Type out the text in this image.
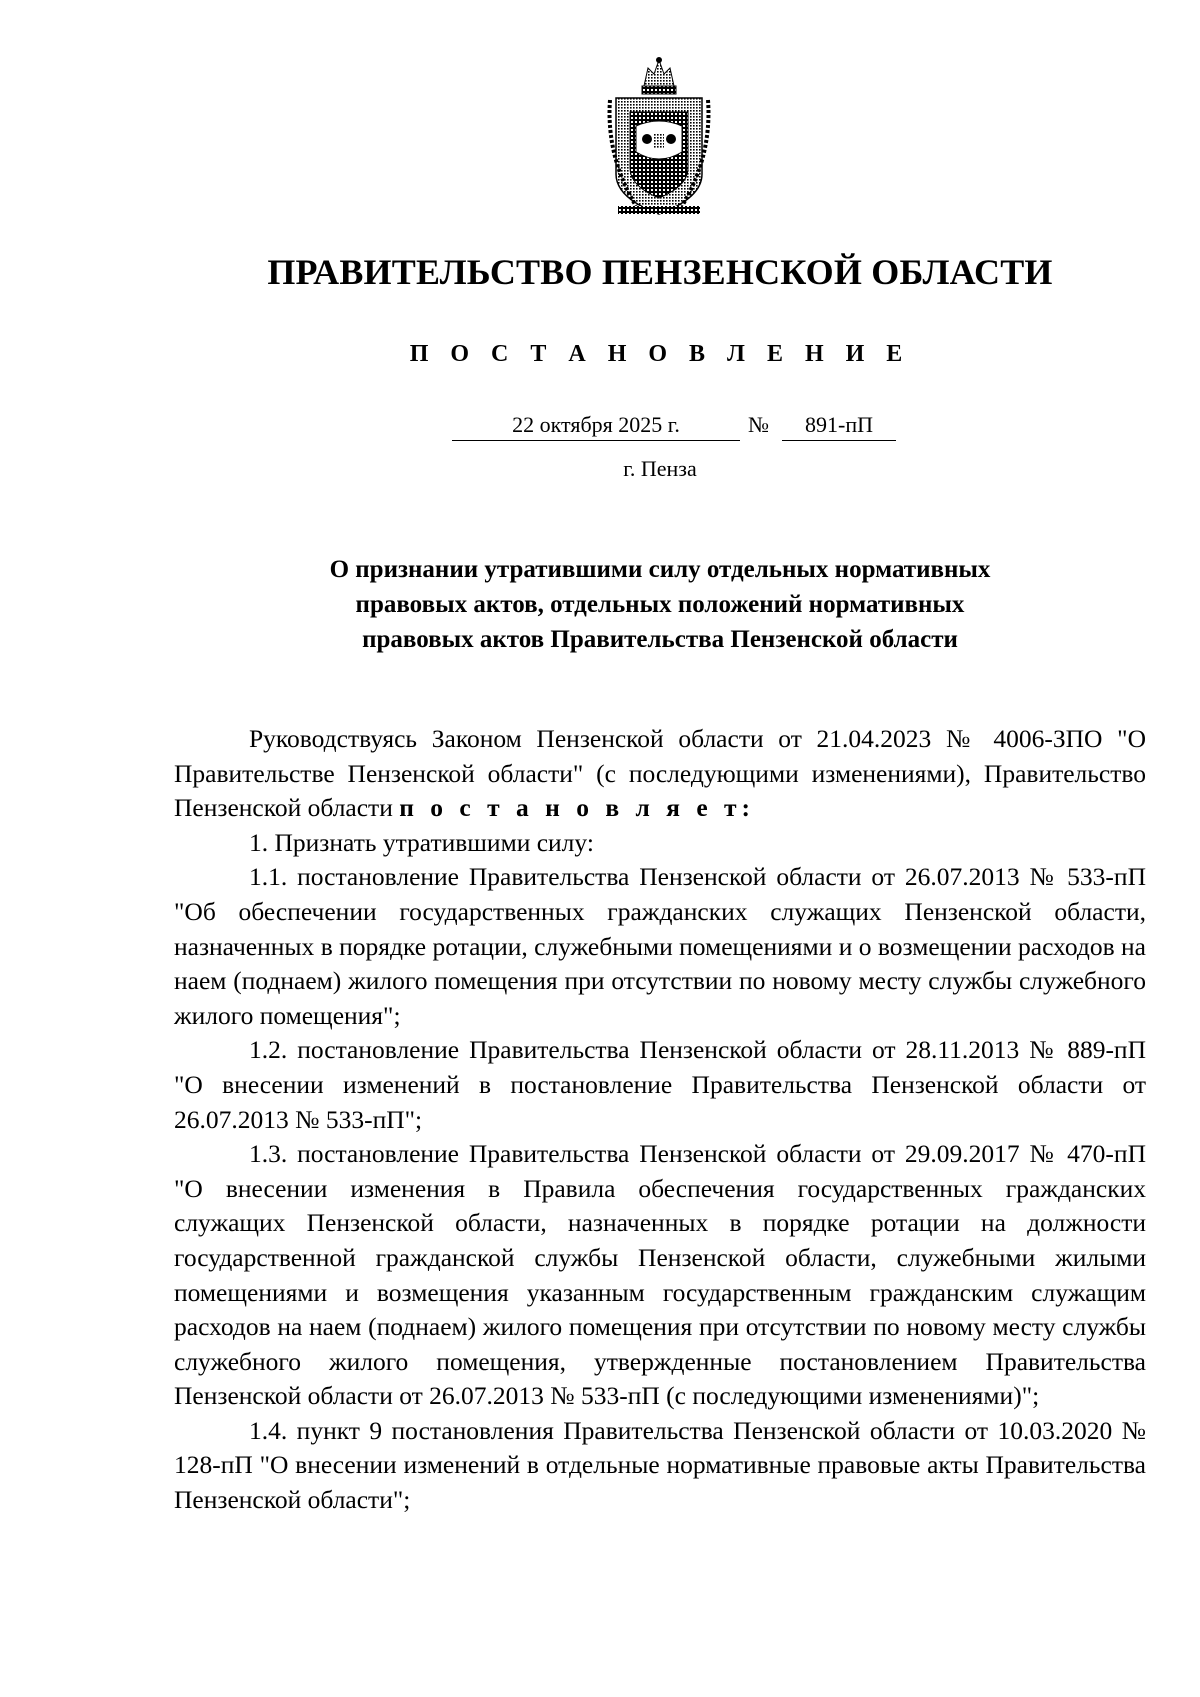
ПРАВИТЕЛЬСТВО ПЕНЗЕНСКОЙ ОБЛАСТИ
П О С Т А Н О В Л Е Н И Е
22 октября 2025 г.	№	891-пП
г. Пенза
О признании утратившими силу отдельных нормативных
правовых актов, отдельных положений нормативных
правовых актов Правительства Пензенской области

Руководствуясь Законом Пензенской области от 21.04.2023 № 4006-ЗПО "О Правительстве Пензенской области" (с последующими изменениями), Правительство Пензенской области п о с т а н о в л я е т:

1. Признать утратившими силу:

1.1. постановление Правительства Пензенской области от 26.07.2013 № 533-пП "Об обеспечении государственных гражданских служащих Пензенской области, назначенных в порядке ротации, служебными помещениями и о возмещении расходов на наем (поднаем) жилого помещения при отсутствии по новому месту службы служебного жилого помещения";

1.2. постановление Правительства Пензенской области от 28.11.2013 № 889-пП "О внесении изменений в постановление Правительства Пензенской области от 26.07.2013 № 533-пП";

1.3. постановление Правительства Пензенской области от 29.09.2017 № 470-пП "О внесении изменения в Правила обеспечения государственных гражданских служащих Пензенской области, назначенных в порядке ротации на должности государственной гражданской службы Пензенской области, служебными жилыми помещениями и возмещения указанным государственным гражданским служащим расходов на наем (поднаем) жилого помещения при отсутствии по новому месту службы служебного жилого помещения, утвержденные постановлением Правительства Пензенской области от 26.07.2013 № 533-пП (с последующими изменениями)";

1.4. пункт 9 постановления Правительства Пензенской области от 10.03.2020 № 128-пП "О внесении изменений в отдельные нормативные правовые акты Правительства Пензенской области";
